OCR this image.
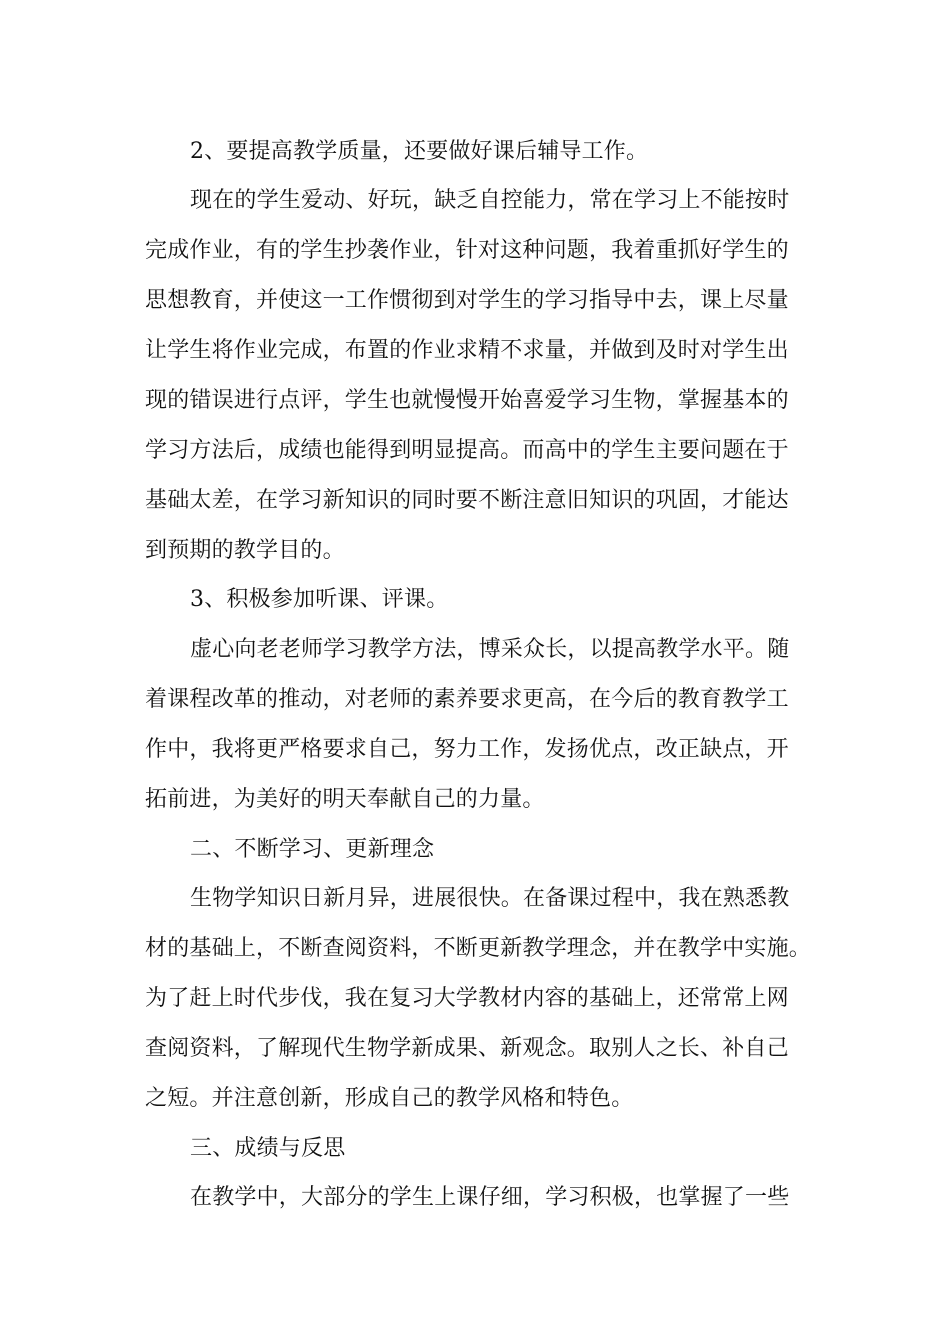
2、要提高教学质量，还要做好课后辅导工作。
现在的学生爱动、好玩，缺乏自控能力，常在学习上不能按时
完成作业，有的学生抄袭作业，针对这种问题，我着重抓好学生的
思想教育，并使这一工作惯彻到对学生的学习指导中去，课上尽量
让学生将作业完成，布置的作业求精不求量，并做到及时对学生出
现的错误进行点评，学生也就慢慢开始喜爱学习生物，掌握基本的
学习方法后，成绩也能得到明显提高。而高中的学生主要问题在于
基础太差，在学习新知识的同时要不断注意旧知识的巩固，才能达
到预期的教学目的。
3、积极参加听课、评课。
虚心向老老师学习教学方法，博采众长，以提高教学水平。随
着课程改革的推动，对老师的素养要求更高，在今后的教育教学工
作中，我将更严格要求自己，努力工作，发扬优点，改正缺点，开
拓前进，为美好的明天奉献自己的力量。
二、不断学习、更新理念
生物学知识日新月异，进展很快。在备课过程中，我在熟悉教
材的基础上，不断查阅资料，不断更新教学理念，并在教学中实施。
为了赶上时代步伐，我在复习大学教材内容的基础上，还常常上网
查阅资料，了解现代生物学新成果、新观念。取别人之长、补自己
之短。并注意创新，形成自己的教学风格和特色。
三、成绩与反思
在教学中，大部分的学生上课仔细，学习积极，也掌握了一些
